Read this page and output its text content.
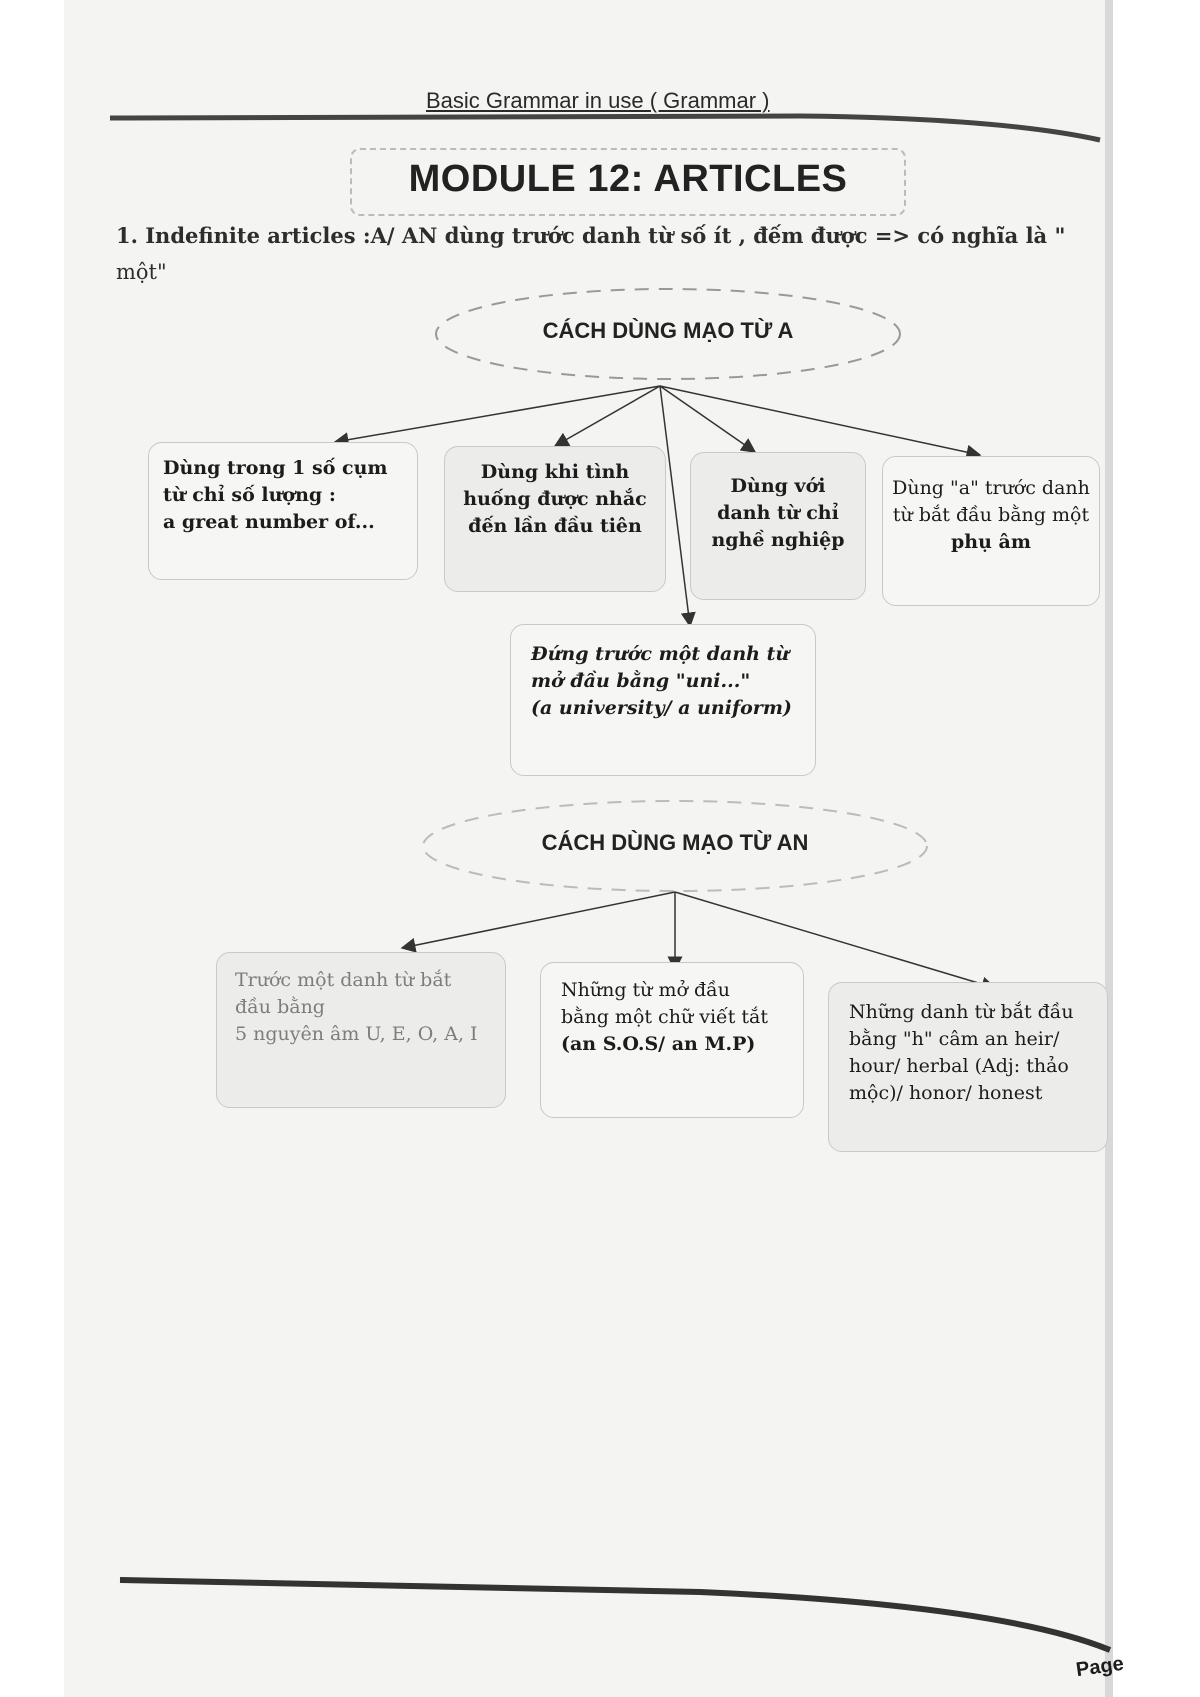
Basic Grammar in use ( Grammar )
MODULE 12: ARTICLES
1. Indefinite articles :A/ AN dùng trước danh từ số ít , đếm được => có nghĩa là "
một"
CÁCH DÙNG MẠO TỪ A
Dùng trong 1 số cụm
từ chỉ số lượng :
a great number of...
Dùng khi tình
huống được nhắc
đến lần đầu tiên
Dùng với
danh từ chỉ
nghề nghiệp
Dùng "a" trước danh
từ bắt đầu bằng một
phụ âm
Đứng trước một danh từ
mở đầu bằng "uni..."
(a university/ a uniform)
CÁCH DÙNG MẠO TỪ AN
Trước một danh từ bắt
đầu bằng
5 nguyên âm U, E, O, A, I
Những từ mở đầu
bằng một chữ viết tắt
(an S.O.S/ an M.P)
Những danh từ bắt đầu
bằng "h" câm an heir/
hour/ herbal (Adj: thảo
mộc)/ honor/ honest
Page
